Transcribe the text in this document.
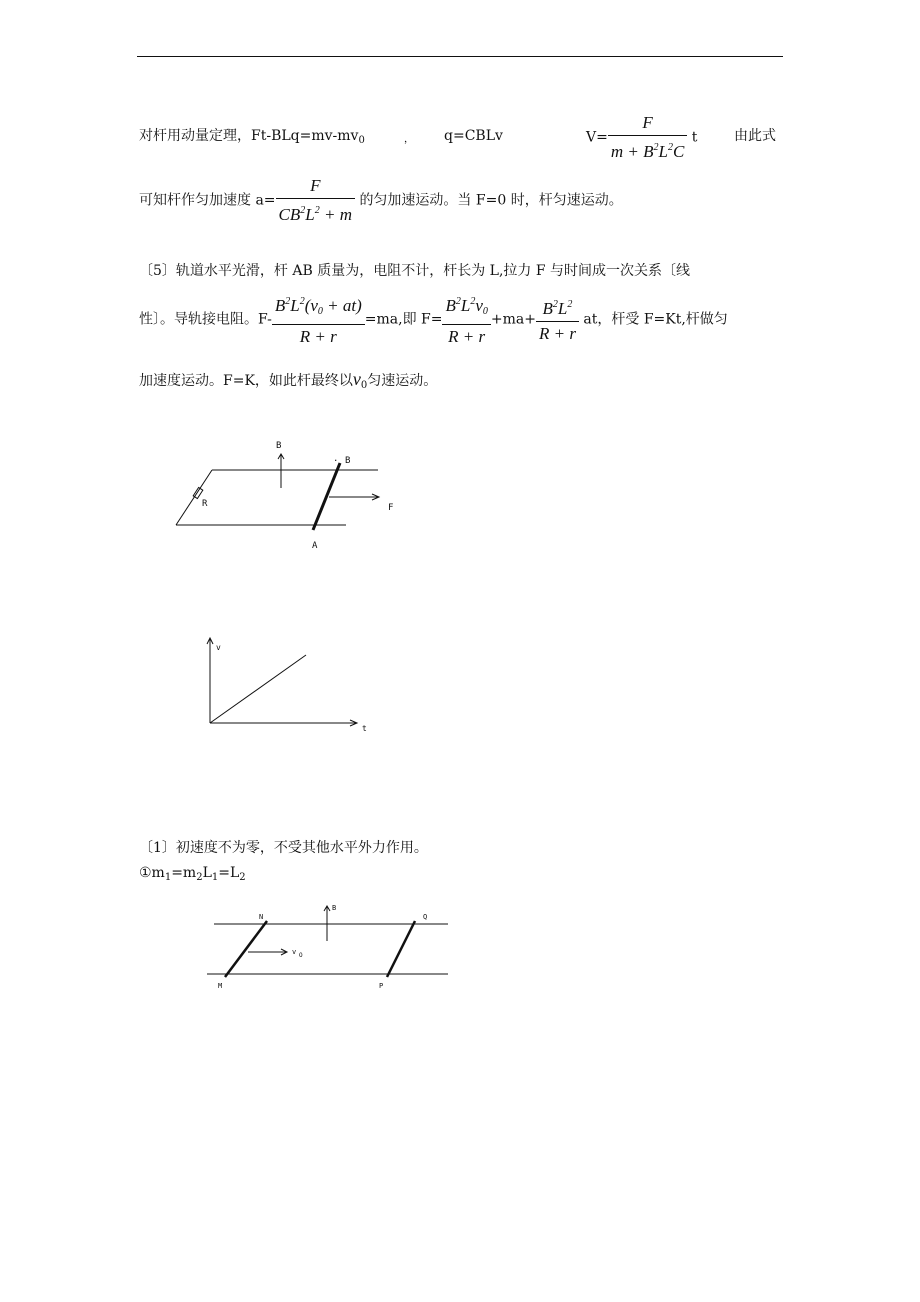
对杆用动量定理，$Ft-BLq=mv-mv_0$	， q=CBLv	$V= \frac{F}{m + B^2L^2C}$ t	由此式
可知杆作匀加速度 $a= \frac{F}{CB^2L^2 + m}$ 的匀加速运动。当 F=0 时，杆匀速运动。
〔5〕轨道水平光滑，杆 AB 质量为，电阻不计，杆长为 L,拉力 F 与时间成一次关系〔线
性〕。导轨接电阻。$F- \frac{B^2L^2(v_0 + at)}{R + r} =ma$,即 $F= \frac{B^2L^2v_0}{R + r} +ma+ \frac{B^2L^2}{R + r}$ at，杆受 F=Kt,杆做匀
加速度运动。F=K，如此杆最终以$v_0$匀速运动。
B
B
.
R	F
A
v
t
〔1〕初速度不为零，不受其他水平外力作用。
$①m_1=m_2L_1=L_2$
N
B
Q
v O
M	P
